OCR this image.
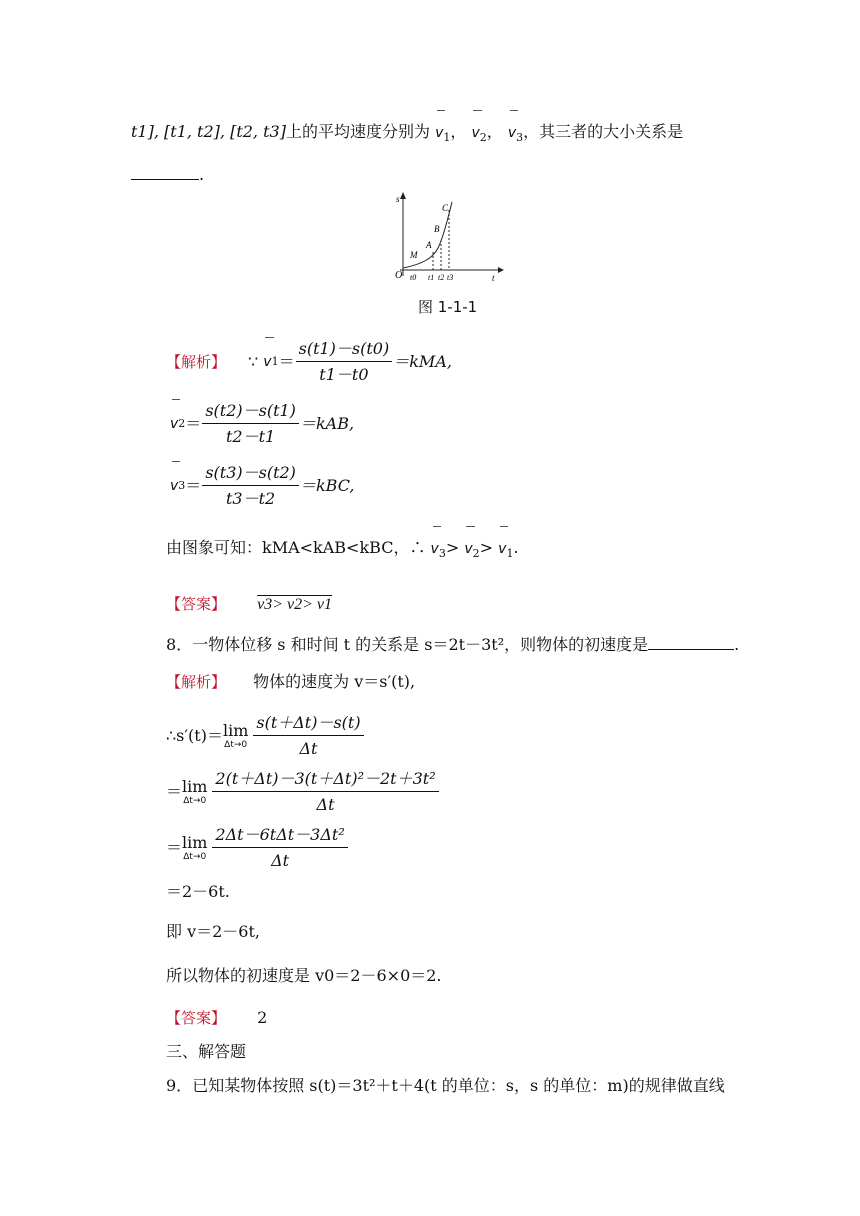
t1], [t1, t2], [t2, t3]上的平均速度分别为 $v_1$， $v_2$， $v_3$，其三者的大小关系是
.
s
t
O
M
A
B
C
t0 t1 t2 t3
图 1-1-1
【解析】 ∵
v $1 = \frac{s(t1)-s(t0)}{t1-t0} =kMA$,
v $2 = \frac{s(t2)-s(t1)}{t2-t1} =kAB$,
v $3 = \frac{s(t3)-s(t2)}{t3-t2} =kBC$,
由图象可知：kMA<kAB<kBC，∴ $v_3> v_2> v_1$.
【答案】 v3> v2> v1
8．一物体位移 s 和时间 t 的关系是 s＝2t－3t²，则物体的初速度是	.
【解析】 物体的速度为 v＝s′(t),
∴s′(t)＝ lim
$\Delta t\to 0 \frac{s(t+\Delta t)-s(t)}{\Delta t}$
＝ lim
$\Delta t\to 0 \frac{\text{2(t＋Δt)－3(t＋Δt)²－2t＋3t²}}{\Delta t}$
＝ lim
$\Delta t\to 0 \frac{\text{2Δt－6tΔt－3Δt²}}{\Delta t}$
＝2－6t.
即 v＝2－6t,
所以物体的初速度是 v0＝2－6×0＝2.
【答案】 2
三、解答题
9．已知某物体按照 s(t)＝3t²＋t＋4(t 的单位：s，s 的单位：m)的规律做直线
